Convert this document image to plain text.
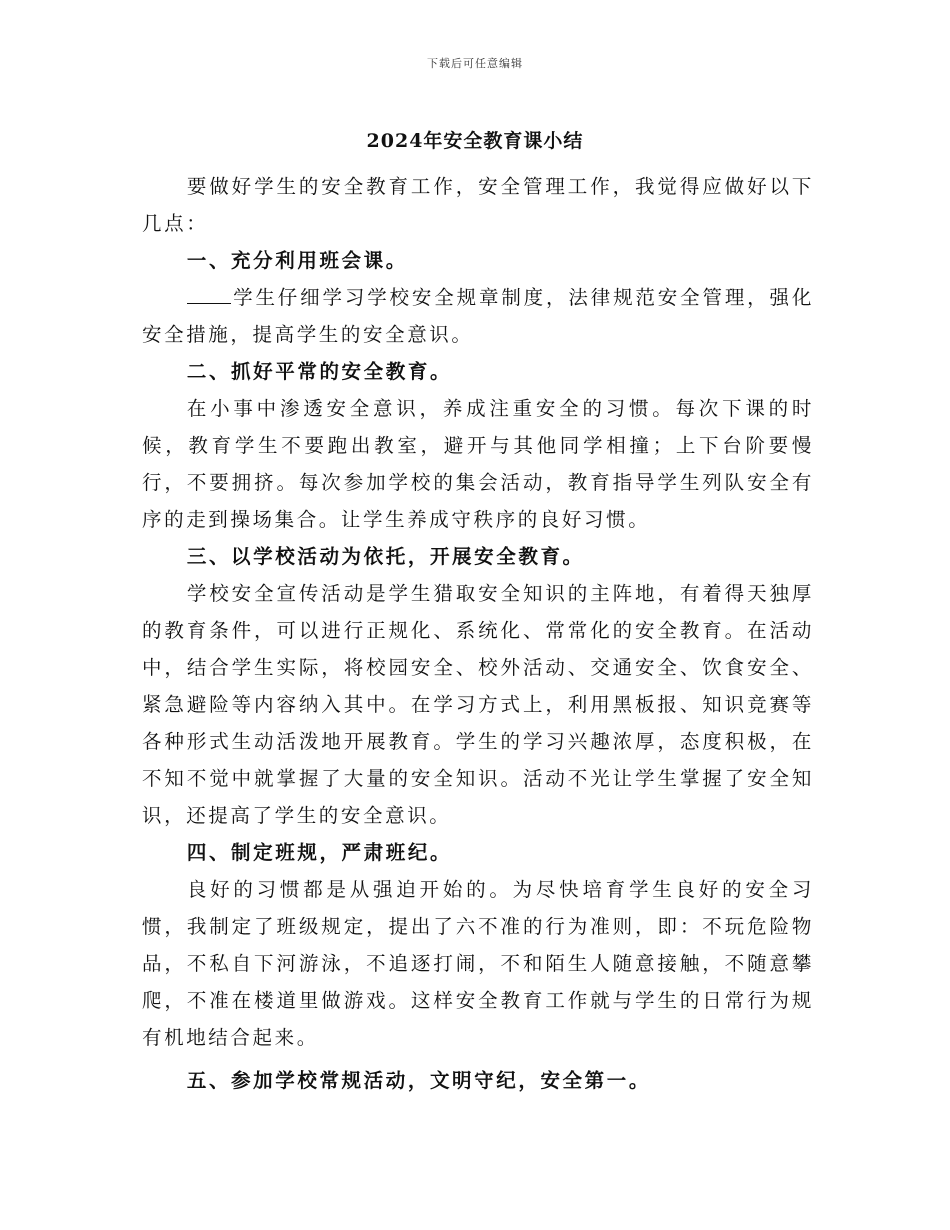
下载后可任意编辑
2024年安全教育课小结

要做好学生的安全教育工作，安全管理工作，我觉得应做好以下几点：

一、充分利用班会课。

学生仔细学习学校安全规章制度，法律规范安全管理，强化安全措施，提高学生的安全意识。

二、抓好平常的安全教育。

在小事中渗透安全意识，养成注重安全的习惯。每次下课的时候，教育学生不要跑出教室，避开与其他同学相撞；上下台阶要慢行，不要拥挤。每次参加学校的集会活动，教育指导学生列队安全有序的走到操场集合。让学生养成守秩序的良好习惯。

三、以学校活动为依托，开展安全教育。

学校安全宣传活动是学生猎取安全知识的主阵地，有着得天独厚的教育条件，可以进行正规化、系统化、常常化的安全教育。在活动中，结合学生实际，将校园安全、校外活动、交通安全、饮食安全、紧急避险等内容纳入其中。在学习方式上，利用黑板报、知识竞赛等各种形式生动活泼地开展教育。学生的学习兴趣浓厚，态度积极，在不知不觉中就掌握了大量的安全知识。活动不光让学生掌握了安全知识，还提高了学生的安全意识。

四、制定班规，严肃班纪。

良好的习惯都是从强迫开始的。为尽快培育学生良好的安全习惯，我制定了班级规定，提出了六不准的行为准则，即：不玩危险物品，不私自下河游泳，不追逐打闹，不和陌生人随意接触，不随意攀爬，不准在楼道里做游戏。这样安全教育工作就与学生的日常行为规有机地结合起来。

五、参加学校常规活动，文明守纪，安全第一。
